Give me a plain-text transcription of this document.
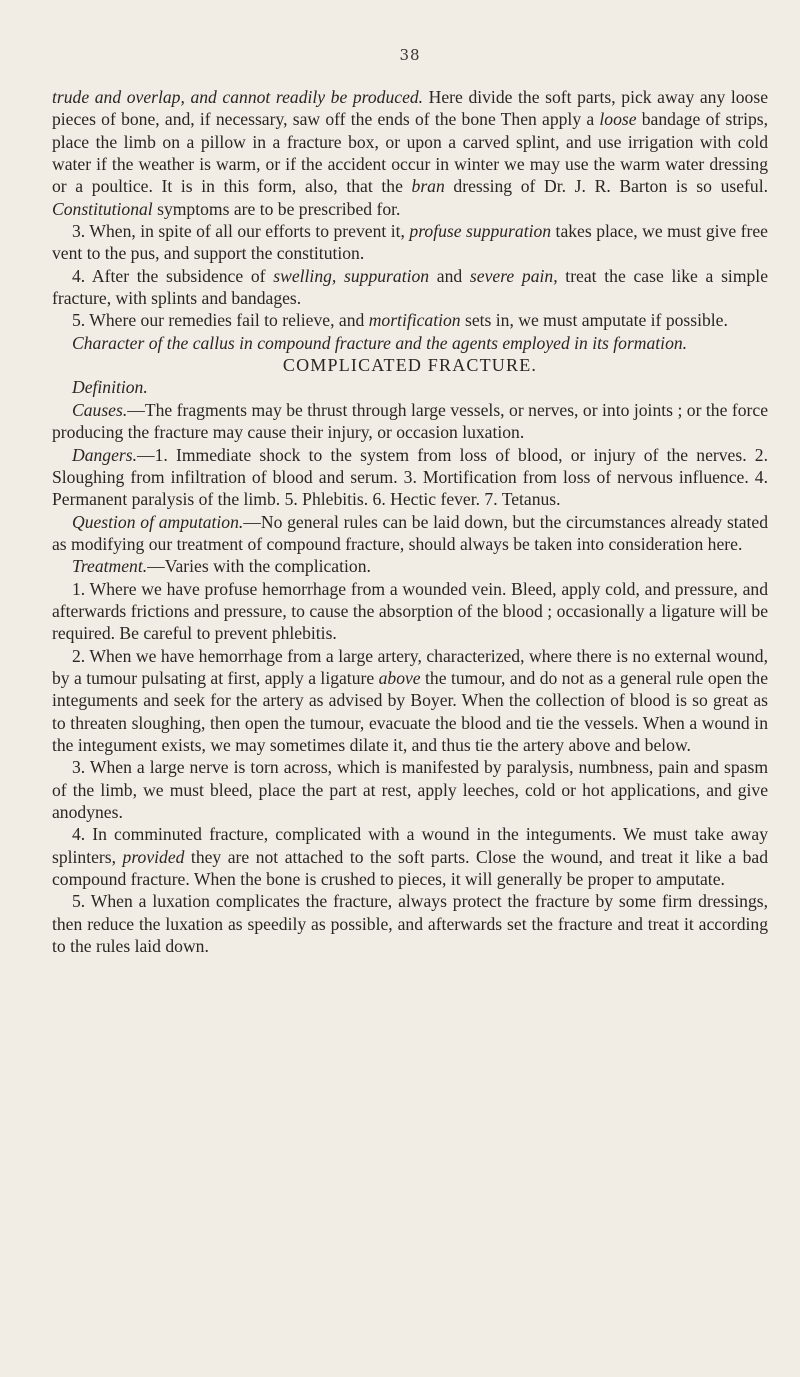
38

trude and overlap, and cannot readily be produced. Here divide the soft parts, pick away any loose pieces of bone, and, if necessary, saw off the ends of the bone Then apply a loose bandage of strips, place the limb on a pillow in a fracture box, or upon a carved splint, and use irrigation with cold water if the weather is warm, or if the accident occur in winter we may use the warm water dressing or a poultice. It is in this form, also, that the bran dressing of Dr. J. R. Barton is so useful. Constitutional symptoms are to be prescribed for.

3. When, in spite of all our efforts to prevent it, profuse suppuration takes place, we must give free vent to the pus, and support the constitution.

4. After the subsidence of swelling, suppuration and severe pain, treat the case like a simple fracture, with splints and bandages.

5. Where our remedies fail to relieve, and mortification sets in, we must amputate if possible.

Character of the callus in compound fracture and the agents employed in its formation.

COMPLICATED FRACTURE.

Definition.

Causes.—The fragments may be thrust through large vessels, or nerves, or into joints ; or the force producing the fracture may cause their injury, or occasion luxation.

Dangers.—1. Immediate shock to the system from loss of blood, or injury of the nerves. 2. Sloughing from infiltration of blood and serum. 3. Mortification from loss of nervous influence. 4. Permanent paralysis of the limb. 5. Phlebitis. 6. Hectic fever. 7. Tetanus.

Question of amputation.—No general rules can be laid down, but the circumstances already stated as modifying our treatment of compound fracture, should always be taken into consideration here.

Treatment.—Varies with the complication.

1. Where we have profuse hemorrhage from a wounded vein. Bleed, apply cold, and pressure, and afterwards frictions and pressure, to cause the absorption of the blood ; occasionally a ligature will be required. Be careful to prevent phlebitis.

2. When we have hemorrhage from a large artery, characterized, where there is no external wound, by a tumour pulsating at first, apply a ligature above the tumour, and do not as a general rule open the integuments and seek for the artery as advised by Boyer. When the collection of blood is so great as to threaten sloughing, then open the tumour, evacuate the blood and tie the vessels. When a wound in the integument exists, we may sometimes dilate it, and thus tie the artery above and below.

3. When a large nerve is torn across, which is manifested by paralysis, numbness, pain and spasm of the limb, we must bleed, place the part at rest, apply leeches, cold or hot applications, and give anodynes.

4. In comminuted fracture, complicated with a wound in the integuments. We must take away splinters, provided they are not attached to the soft parts. Close the wound, and treat it like a bad compound fracture. When the bone is crushed to pieces, it will generally be proper to amputate.

5. When a luxation complicates the fracture, always protect the fracture by some firm dressings, then reduce the luxation as speedily as possible, and afterwards set the fracture and treat it according to the rules laid down.
